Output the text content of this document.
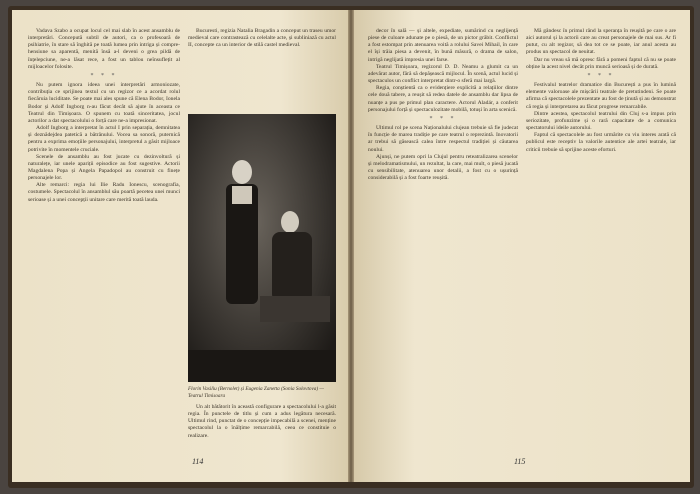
Vadava Szabo a ocupat locul cel mai slab în acest ansamblu de interpretări. Concepută subtil de autori, ca o profesoară de psihiatrie, în stare să înghită pe toată lumea prin intriga și comprehensiune sa aparentă, menită însă a-l deveni o grea pildă de înțelepciune, ne-a lăsat rece, a fost un tablou neînsuflețit al mijloacelor folosite.

* * *

Nu putem ignora ideea unei interpretări armoniozate, contribuția ce sprijinea textul cu un regizor ce a acordat rolul fiecăruia luciditate. Se poate mai ales spune că Elena Bodor, Ionela Bodor și Adolf Ingborg n-au făcut decât să ajute în aceasta ce Teatrul din Timișoara. O spunem cu toată sinceritatea, jocul actorilor a dat spectacolului o forță care ne-a impresionat.

Adolf Ingborg a interpretat în actul I prin separația, demnitatea și deznădejdea patetică a bătrânului. Vocea sa sonoră, puternică pentru a exprima emoțiile personajului, interpretul a găsit mijloace potrivite în momentele cruciale.

Scenele de ansamblu au fost jucate cu dezinvoltură și naturalețe, iar unele apariții episodice au fost sugestive. Actorii Magdalena Popa și Angela Papadopol au construit cu finețe personajele lor.

Alte remarci: regia lui Ilie Radu Ionescu, scenografia, costumele. Spectacolul în ansamblul său poartă pecetea unei munci serioase și a unei concepții unitare care merită toată lauda.

Bucuresti, regizia Natalia Bragadin a conceput un traseu umor medieval care contrastează cu celelalte acte, și subliniază cu actul II, concepte ca un interior de stilă castel medieval.

Florin Vasiliu (Bernolet) și Eugenia Zanetta (Sonia Solovtova) — Teatrul Timisoara

Un alt bătătorit în această configurare a spectacolului l-a găsit regia. În punctele de titlu și cum a adus legătura necesară. Ultimul rind, punctat de o concepție impecabilă a scenei, menține spectacolul la o înălțime remarcabilă, ceea ce constituie o realizare.

114

decor în sală — și altele, expediate, sumărind cu neglijență piese de culoare adunate pe o piesă, de un pictor grăbit. Conflictul a fost estompat prin atenuarea voită a rolului Savei Mihail, în care el își trăia piesa a devenit, în bună măsură, o drama de salon, intrigă neglijată impresia unei farse.

Teatrul Timișoara, regizorul D. D. Neamu a glumit ca un adevărat autor, fără să depășească mijlocul. În scenă, actul lucid și spectaculos un conflict interpretat dintr-o sferă mai largă.

Regia, conștientă ca o evidențiere explicită a relațiilor dintre cele două tabere, a reușit să redea datele de ansamblu dar lipsa de nuanțe a pus pe primul plan caractere. Actorul Aladár, a conferit personajului forță și spectaculozitate mobilă, totuși în arta scenică.

* * *

Ultimul rol pe scena Naționalului clujean trebuie să fie judecat în funcție de marea tradiție pe care teatrul o reprezintă. Inovatorii ar trebui să găsească calea între respectul tradiției și căutarea noului.

Ajunși, ne putem opri la Clujul pentru reteatralizarea scenelor și melodramatismului, un rezultat, la care, mai mult, o piesă jucată cu sensibilitate, atenuarea unor detalii, a fost cu o ușurință considerabilă și a fost foarte reușită.

Mă gândesc în primul rând la speranța în reușită pe care o are aici autorul și la actorii care au creat personajele de mai sus. Ar fi putut, cu alt regizor, să dea tot ce se poate, iar anul acesta au produs un spectacol de neuitat.

Dar nu vreau să mă opresc fără a pomeni faptul că nu se poate obține la acest nivel decât prin muncă serioasă și de durată.

* * *

Festivalul teatrelor dramatice din București a pus în lumină elemente valoroase ale mișcării teatrale de pretutindeni. Se poate afirma că spectacolele prezentate au fost de ținută și au demonstrat că regia și interpretarea au făcut progrese remarcabile.

Dintre acestea, spectacolul teatrului din Cluj s-a impus prin seriozitate, profunzime și o rară capacitate de a comunica spectatorului ideile autorului.

Faptul că spectacolele au fost urmărite cu viu interes arată că publicul este receptiv la valorile autentice ale artei teatrale, iar criticii trebuie să sprijine aceste eforturi.

115
